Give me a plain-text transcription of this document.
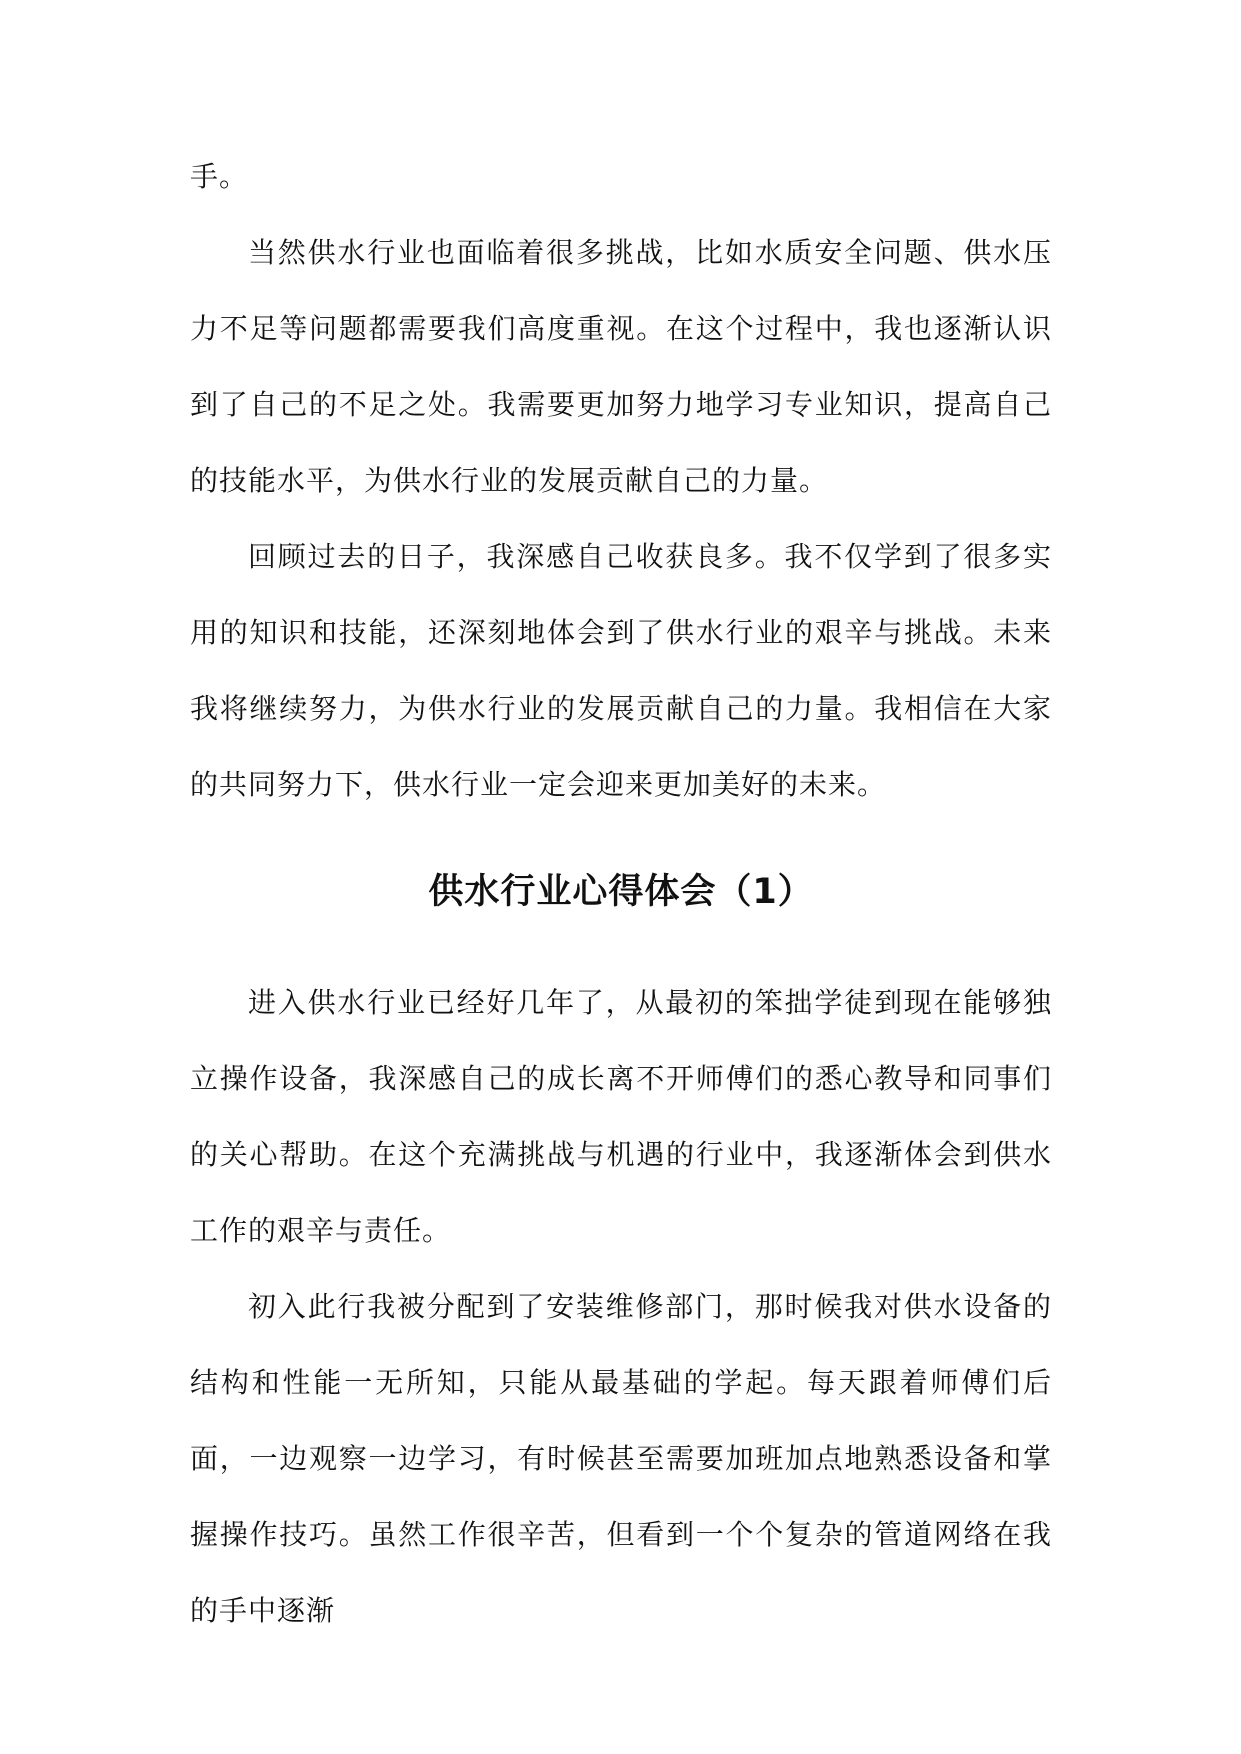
手。

当然供水行业也面临着很多挑战，比如水质安全问题、供水压力不足等问题都需要我们高度重视。在这个过程中，我也逐渐认识到了自己的不足之处。我需要更加努力地学习专业知识，提高自己的技能水平，为供水行业的发展贡献自己的力量。

回顾过去的日子，我深感自己收获良多。我不仅学到了很多实用的知识和技能，还深刻地体会到了供水行业的艰辛与挑战。未来我将继续努力，为供水行业的发展贡献自己的力量。我相信在大家的共同努力下，供水行业一定会迎来更加美好的未来。

供水行业心得体会（1）

进入供水行业已经好几年了，从最初的笨拙学徒到现在能够独立操作设备，我深感自己的成长离不开师傅们的悉心教导和同事们的关心帮助。在这个充满挑战与机遇的行业中，我逐渐体会到供水工作的艰辛与责任。

初入此行我被分配到了安装维修部门，那时候我对供水设备的结构和性能一无所知，只能从最基础的学起。每天跟着师傅们后面，一边观察一边学习，有时候甚至需要加班加点地熟悉设备和掌握操作技巧。虽然工作很辛苦，但看到一个个复杂的管道网络在我的手中逐渐
